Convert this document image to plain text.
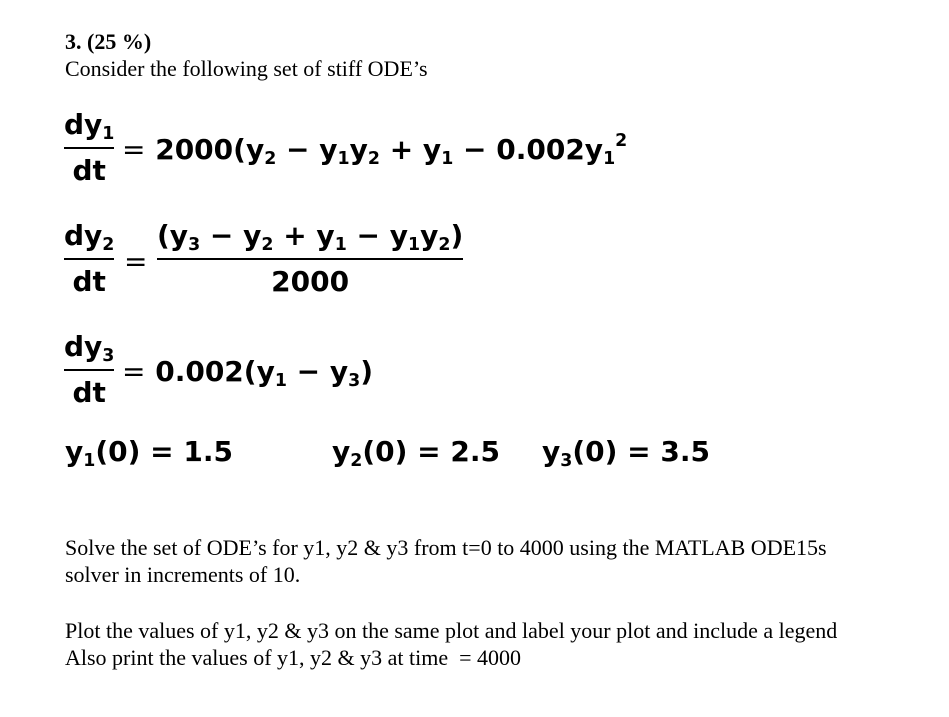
3. (25 %)
Consider the following set of stiff ODE’s
$dy_1$
dt
= $2000(y_2 - y_1y_2 + y_1 - 0.002y_1^2$
$dy_2$
dt
=
$(y_3 - y_2 + y_1 - y_1y_2)$
2000
$dy_3$
dt
= $0.002(y_1 - y_3)$
$y_1(0) = 1.5$	$y_2(0) = 2.5$ $y_3(0) = 3.5$
Solve the set of ODE’s for y1, y2 & y3 from t=0 to 4000 using the MATLAB ODE15s
solver in increments of 10.
Plot the values of y1, y2 & y3 on the same plot and label your plot and include a legend
Also print the values of y1, y2 & y3 at time  = 4000
